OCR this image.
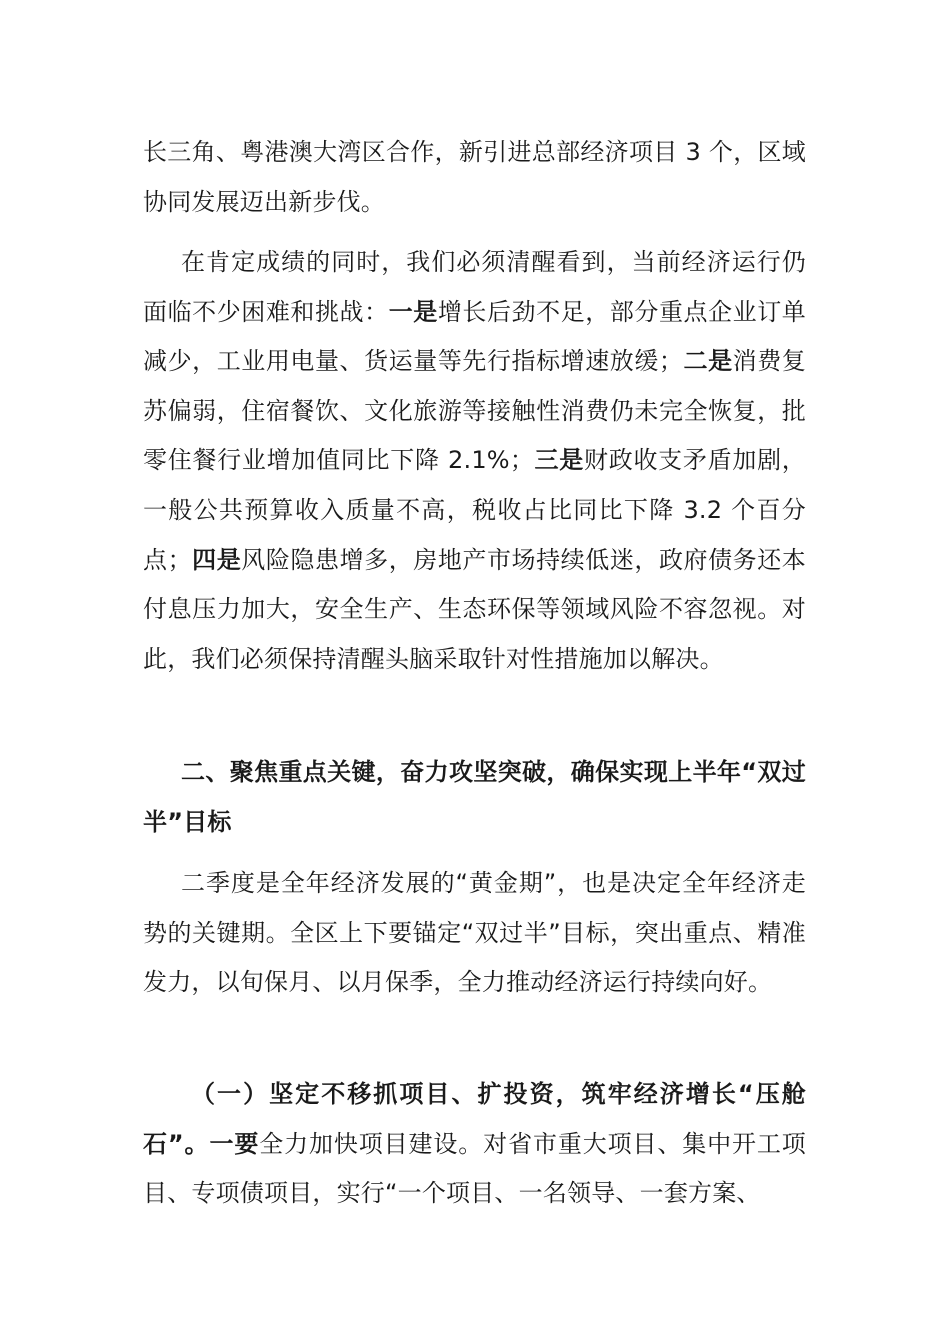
长三角、粤港澳大湾区合作，新引进总部经济项目 3 个，区域协同发展迈出新步伐。

在肯定成绩的同时，我们必须清醒看到，当前经济运行仍面临不少困难和挑战：一是增长后劲不足，部分重点企业订单减少，工业用电量、货运量等先行指标增速放缓；二是消费复苏偏弱，住宿餐饮、文化旅游等接触性消费仍未完全恢复，批零住餐行业增加值同比下降 2.1%；三是财政收支矛盾加剧，一般公共预算收入质量不高，税收占比同比下降 3.2 个百分点；四是风险隐患增多，房地产市场持续低迷，政府债务还本付息压力加大，安全生产、生态环保等领域风险不容忽视。对此，我们必须保持清醒头脑采取针对性措施加以解决。

二、聚焦重点关键，奋力攻坚突破，确保实现上半年“双过半”目标

二季度是全年经济发展的“黄金期”，也是决定全年经济走势的关键期。全区上下要锚定“双过半”目标，突出重点、精准发力，以旬保月、以月保季，全力推动经济运行持续向好。

（一）坚定不移抓项目、扩投资，筑牢经济增长“压舱石”。一要全力加快项目建设。对省市重大项目、集中开工项目、专项债项目，实行“一个项目、一名领导、一套方案、
